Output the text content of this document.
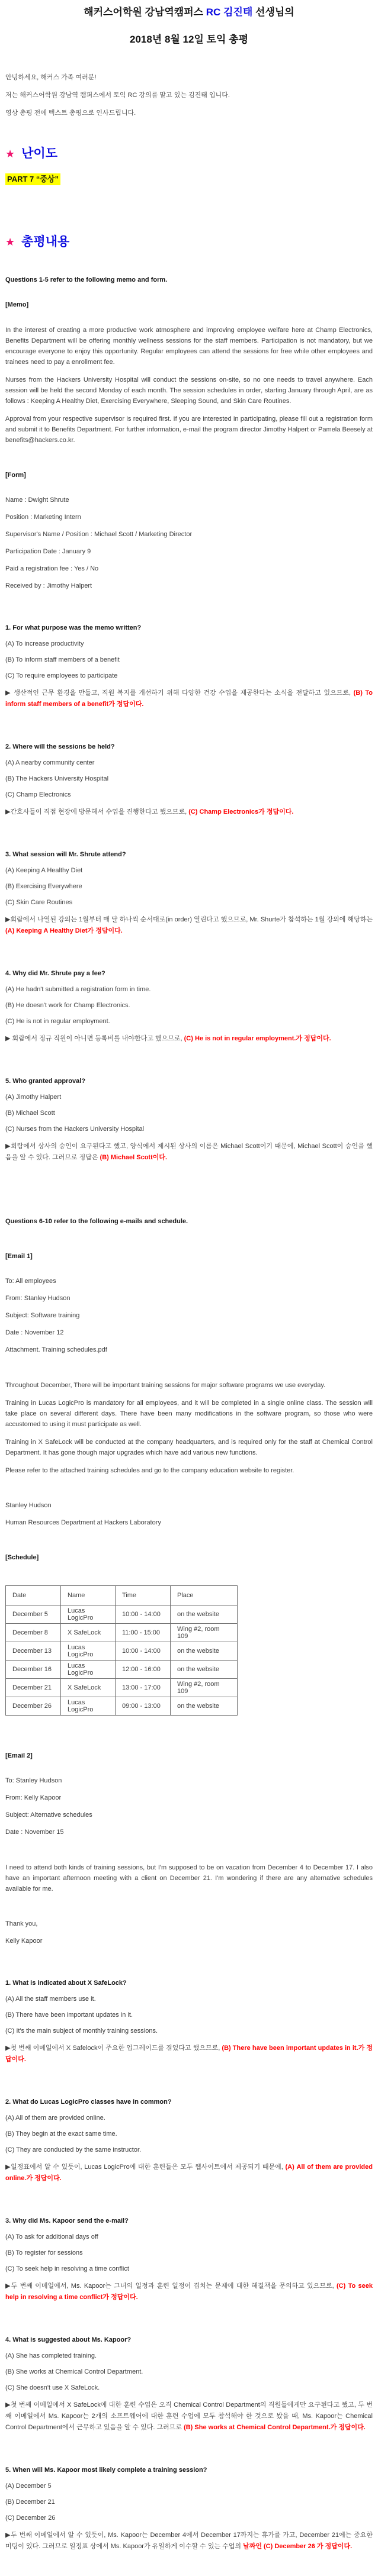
해커스어학원 강남역캠퍼스 RC 김진태 선생님의

2018년 8월 12일 토익 총평

안녕하세요, 해커스 가족 여러분!

저는 해커스어학원 강남역 캠퍼스에서 토익 RC 강의를 맡고 있는 김진태 입니다.

영상 총평 전에 텍스트 총평으로 인사드립니다.

★ 난이도

PART 7 “중상”

★ 총평내용

Questions 1-5 refer to the following memo and form.

[Memo]

In the interest of creating a more productive work atmosphere and improving employee welfare here at Champ Electronics, Benefits Department will be offering monthly wellness sessions for the staff members. Participation is not mandatory, but we encourage everyone to enjoy this opportunity. Regular employees can attend the sessions for free while other employees and trainees need to pay a enrollment fee.

Nurses from the Hackers University Hospital will conduct the sessions on-site, so no one needs to travel anywhere. Each session will be held the second Monday of each month. The session schedules in order, starting January through April, are as follows : Keeping A Healthy Diet, Exercising Everywhere, Sleeping Sound, and Skin Care Routines.

Approval from your respective supervisor is required first. If you are interested in participating, please fill out a registration form and submit it to Benefits Department. For further information, e-mail the program director Jimothy Halpert or Pamela Beesely at benefits@hackers.co.kr.

[Form]

Name : Dwight Shrute

Position : Marketing Intern

Supervisor's Name / Position : Michael Scott / Marketing Director

Participation Date : January 9

Paid a registration fee : Yes / No

Received by : Jimothy Halpert

1. For what purpose was the memo written?

(A) To increase productivity

(B) To inform staff members of a benefit

(C) To require employees to participate

▶ 생산적인 근무 환경을 만들고, 직원 복지를 개선하기 위해 다양한 건강 수업을 제공한다는 소식을 전달하고 있으므로, (B) To inform staff members of a benefit가 정답이다.

2. Where will the sessions be held?

(A) A nearby community center

(B) The Hackers University Hospital

(C) Champ Electronics

▶간호사들이 직접 현장에 방문해서 수업을 진행한다고 했으므로, (C) Champ Electronics가 정답이다.

3. What session will Mr. Shrute attend?

(A) Keeping A Healthy Diet

(B) Exercising Everywhere

(C) Skin Care Routines

▶회람에서 나열된 강의는 1월부터 매 달 하나씩 순서대로(in order) 열린다고 했으므로, Mr. Shurte가 참석하는 1월 강의에 해당하는 (A) Keeping A Healthy Diet가 정답이다.

4. Why did Mr. Shrute pay a fee?

(A) He hadn't submitted a registration form in time.

(B) He doesn't work for Champ Electronics.

(C) He is not in regular employment.

▶ 회람에서 정규 직원이 아니면 등록비를 내야한다고 했으므로, (C) He is not in regular employment.가 정답이다.

5. Who granted approval?

(A) Jimothy Halpert

(B) Michael Scott

(C) Nurses from the Hackers University Hospital

▶회람에서 상사의 승인이 요구된다고 했고, 양식에서 제시된 상사의 이름은 Michael Scott이기 때문에, Michael Scott이 승인을 했음을 알 수 있다. 그러므로 정답은 (B) Michael Scott이다.

Questions 6-10 refer to the following e-mails and schedule.

[Email 1]

To: All employees

From: Stanley Hudson

Subject: Software training

Date : November 12

Attachment. Training schedules.pdf

Throughout December, There will be important training sessions for major software programs we use everyday.

Training in Lucas LogicPro is mandatory for all employees, and it will be completed in a single online class. The session will take place on several different days. There have been many modifications in the software program, so those who were accustomed to using it must participate as well.

Training in X SafeLock will be conducted at the company headquarters, and is required only for the staff at Chemical Control Department. It has gone though major upgrades which have add various new functions.

Please refer to the attached training schedules and go to the company education website to register.

Stanley Hudson

Human Resources Department at Hackers Laboratory

[Schedule]

Date	Name	Time	Place
December 5	Lucas LogicPro	10:00 - 14:00	on the website
December 8	X SafeLock	11:00 - 15:00	Wing #2, room 109
December 13	Lucas LogicPro	10:00 - 14:00	on the website
December 16	Lucas LogicPro	12:00 - 16:00	on the website
December 21	X SafeLock	13:00 - 17:00	Wing #2, room 109
December 26	Lucas LogicPro	09:00 - 13:00	on the website

[Email 2]

To: Stanley Hudson

From: Kelly Kapoor

Subject: Alternative schedules

Date : November 15

I need to attend both kinds of training sessions, but I'm supposed to be on vacation from December 4 to December 17. I also have an important afternoon meeting with a client on December 21. I'm wondering if there are any alternative schedules available for me.

Thank you,

Kelly Kapoor

1. What is indicated about X SafeLock?

(A) All the staff members use it.

(B) There have been important updates in it.

(C) It's the main subject of monthly training sessions.

▶첫 번째 이메일에서 X Safelock이 주요한 업그레이드를 겪었다고 했으므로, (B) There have been important updates in it.가 정답이다.

2. What do Lucas LogicPro classes have in common?

(A) All of them are provided online.

(B) They begin at the exact same time.

(C) They are conducted by the same instructor.

▶일정표에서 알 수 있듯이, Lucas LogicPro에 대한 훈련들은 모두 웹사이트에서 제공되기 때문에, (A) All of them are provided online.가 정답이다.

3. Why did Ms. Kapoor send the e-mail?

(A) To ask for additional days off

(B) To register for sessions

(C) To seek help in resolving a time conflict

▶두 번째 이메일에서, Ms. Kapoor는 그녀의 일정과 훈련 일정이 겹치는 문제에 대한 해결책을 문의하고 있으므로, (C) To seek help in resolving a time conflict가 정답이다.

4. What is suggested about Ms. Kapoor?

(A) She has completed training.

(B) She works at Chemical Control Department.

(C) She doesn't use X SafeLock.

▶첫 번째 이메일에서 X SafeLock에 대한 훈련 수업은 오직 Chemical Control Department의 직원들에게만 요구된다고 했고, 두 번째 이메일에서 Ms. Kapoor는 2개의 소프트웨어에 대한 훈련 수업에 모두 참석해야 한 것으로 봤을 때, Ms. Kapoor는 Chemical Control Department에서 근무하고 있음을 알 수 있다. 그러므로 (B) She works at Chemical Control Department.가 정답이다.

5. When will Ms. Kapoor most likely complete a training session?

(A) December 5

(B) December 21

(C) December 26

▶두 번째 이메일에서 알 수 있듯이, Ms. Kapoor는 December 4에서 December 17까지는 휴가를 가고, December 21에는 중요한 미팅이 있다. 그러므로 일정표 상에서 Ms. Kapoor가 유일하게 이수할 수 있는 수업의 날짜인 (C) December 26 가 정답이다.
